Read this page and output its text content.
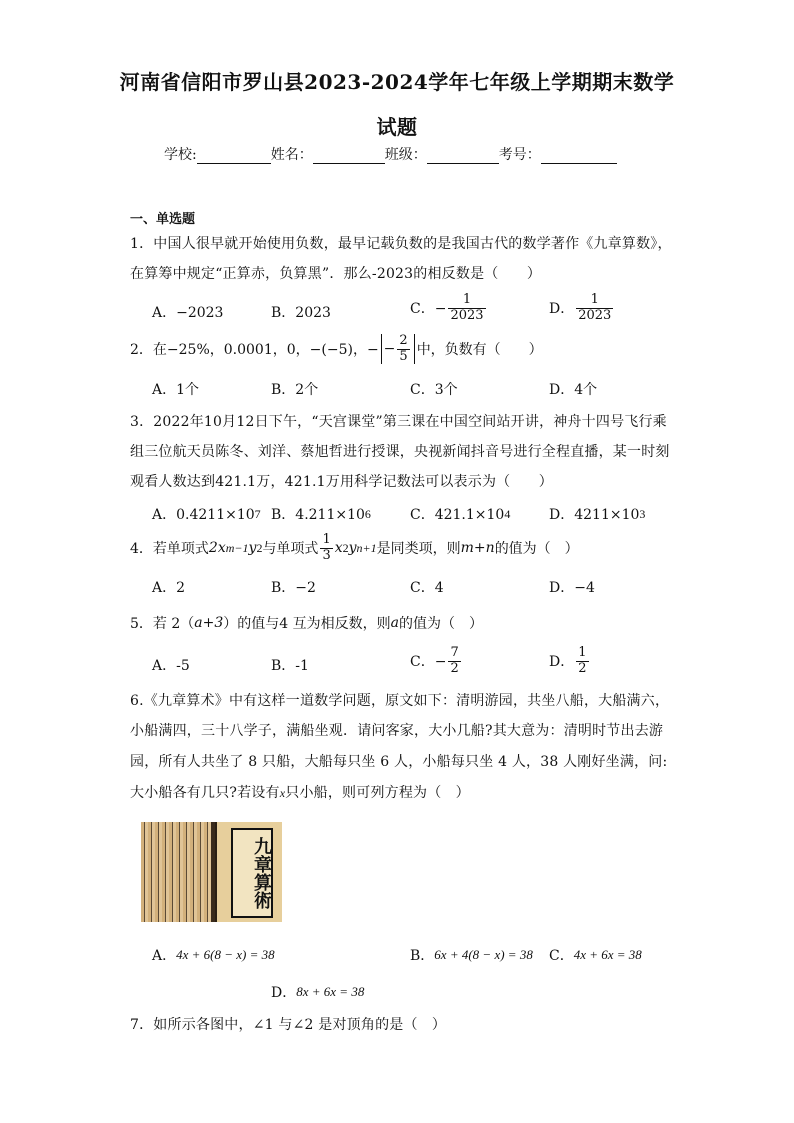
河南省信阳市罗山县2023-2024学年七年级上学期期末数学
试题
学校:	姓名：	班级：	考号：
一、单选题
1．中国人很早就开始使用负数，最早记载负数的是我国古代的数学著作《九章算数》，
在算筹中规定“正算赤，负算黑”．那么-2023的相反数是（　　）
A．−2023	B．2023	C．− $\frac{1}{2023}$	D． $\frac{1}{2023}$
2．在−25%，0.0001，0，−(−5)，− − $\frac{2}{5}$ 中，负数有（　　）
A．1个	B．2个	C．3个	D．4个
3．2022年10月12日下午，“天宫课堂”第三课在中国空间站开讲，神舟十四号飞行乘
组三位航天员陈冬、刘洋、蔡旭哲进行授课，央视新闻抖音号进行全程直播，某一时刻
观看人数达到421.1万，421.1万用科学记数法可以表示为（　　）
A．0.4211×10 7 B．4.211×10 6	C．421.1×10 4	D．4211×10 3
4．若单项式 2 x m−1 y 2 与单项式 $\frac{1}{3}$ x 2 y n+1 是同类项，则 m+n 的值为（　）
A．2	B．−2	C．4	D．−4
5．若 2（ a+3 ）的值与4 互为相反数，则 a 的值为（　）
A．-5	B．-1	C．− $\frac{7}{2}$	D． $\frac{1}{2}$
6.《九章算术》中有这样一道数学问题，原文如下：清明游园，共坐八船，大船满六，
小船满四，三十八学子，满船坐观．请问客家，大小几船?其大意为：清明时节出去游
园，所有人共坐了 8 只船，大船每只坐 6 人，小船每只坐 4 人，38 人刚好坐满，问:
大小船各有几只?若设有x只小船，则可列方程为（　）
九章算術
A． 4x + 6(8 − x) = 38	B． 6x + 4(8 − x) = 38 C． 4x + 6x = 38
D． 8x + 6x = 38
7．如所示各图中，∠1 与∠2 是对顶角的是（　）
